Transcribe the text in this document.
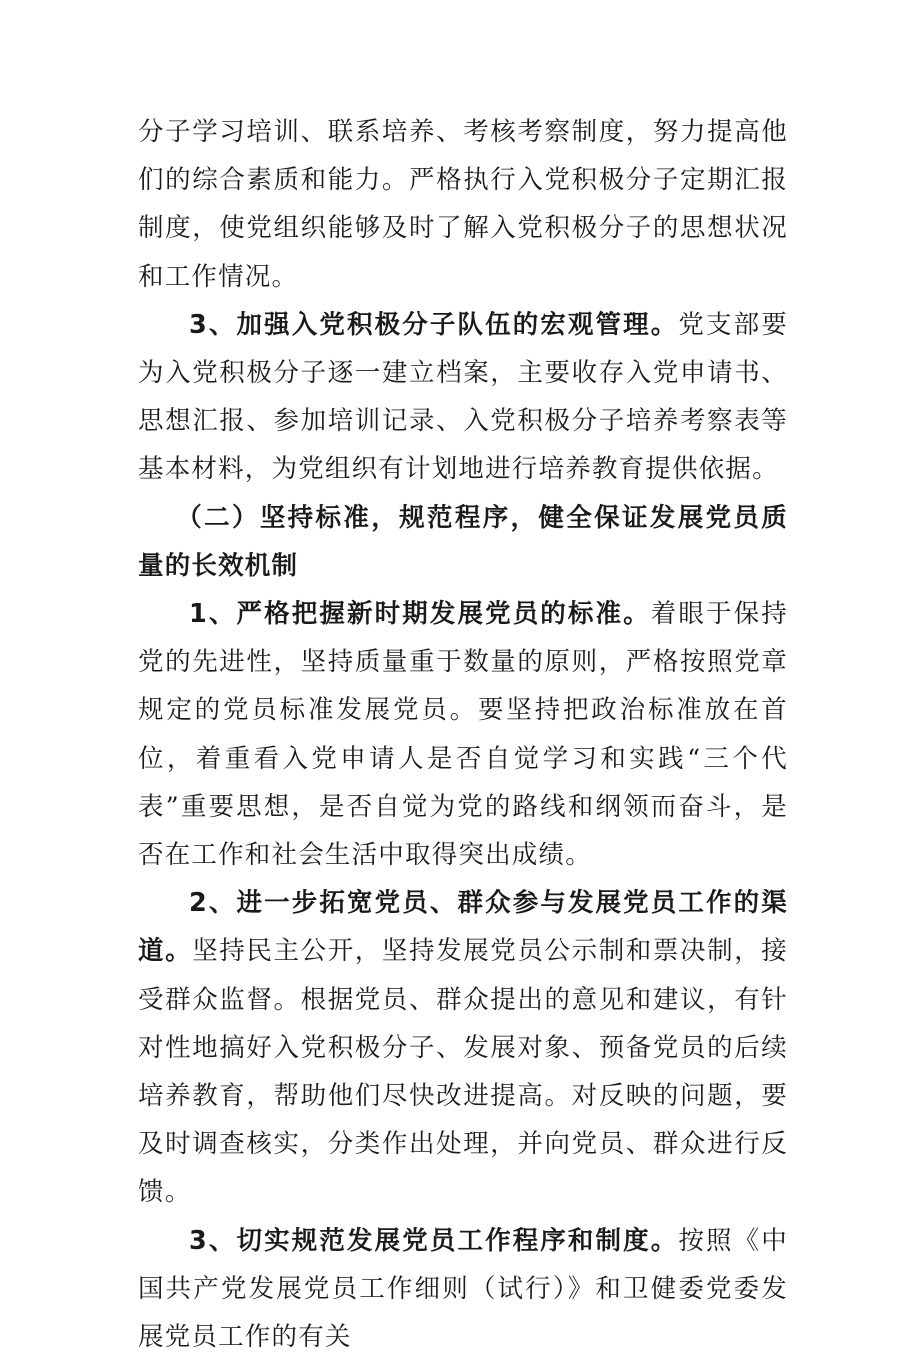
分子学习培训、联系培养、考核考察制度，努力提高他们的综合素质和能力。严格执行入党积极分子定期汇报制度，使党组织能够及时了解入党积极分子的思想状况和工作情况。

3、加强入党积极分子队伍的宏观管理。党支部要为入党积极分子逐一建立档案，主要收存入党申请书、思想汇报、参加培训记录、入党积极分子培养考察表等基本材料，为党组织有计划地进行培养教育提供依据。

（二）坚持标准，规范程序，健全保证发展党员质量的长效机制

1、严格把握新时期发展党员的标准。着眼于保持党的先进性，坚持质量重于数量的原则，严格按照党章规定的党员标准发展党员。要坚持把政治标准放在首位，着重看入党申请人是否自觉学习和实践“三个代表”重要思想，是否自觉为党的路线和纲领而奋斗，是否在工作和社会生活中取得突出成绩。

2、进一步拓宽党员、群众参与发展党员工作的渠道。坚持民主公开，坚持发展党员公示制和票决制，接受群众监督。根据党员、群众提出的意见和建议，有针对性地搞好入党积极分子、发展对象、预备党员的后续培养教育，帮助他们尽快改进提高。对反映的问题，要及时调查核实，分类作出处理，并向党员、群众进行反馈。

3、切实规范发展党员工作程序和制度。按照《中国共产党发展党员工作细则（试行）》和卫健委党委发展党员工作的有关
